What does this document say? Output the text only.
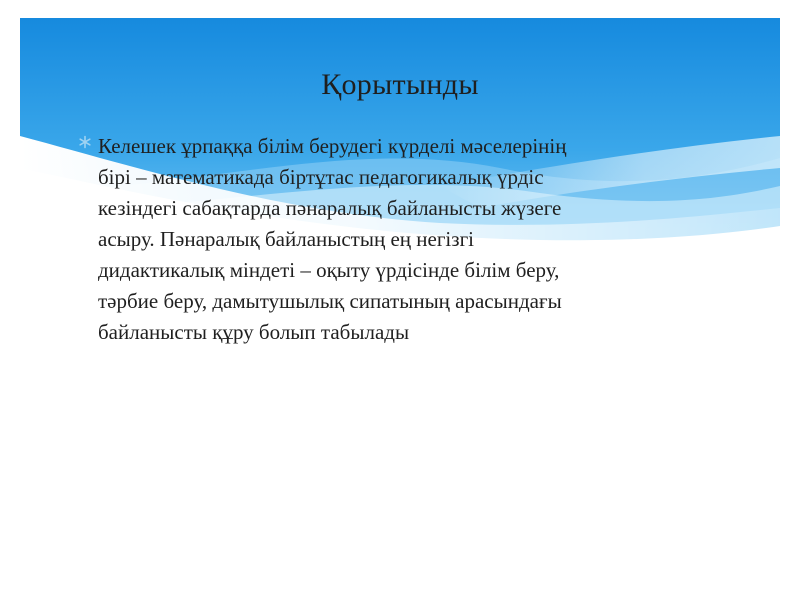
Қорытынды
Келешек ұрпаққа білім берудегі күрделі мәселерінің
бірі – математикада біртұтас педагогикалық үрдіс
кезіндегі сабақтарда пәнаралық байланысты жүзеге
асыру. Пәнаралық байланыстың ең негізгі
дидактикалық міндеті – оқыту үрдісінде білім беру,
тәрбие беру, дамытушылық сипатының арасындағы
байланысты құру болып табылады
